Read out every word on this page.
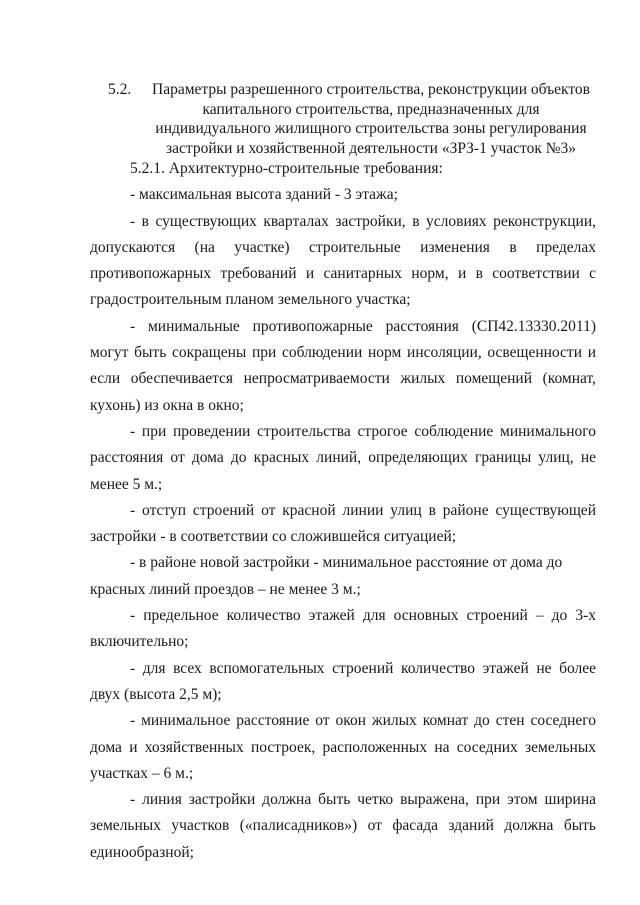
5.2.	Параметры разрешенного строительства, реконструкции объектов капитального строительства, предназначенных для индивидуального жилищного строительства зоны регулирования застройки и хозяйственной деятельности «ЗРЗ-1 участок №3»

5.2.1. Архитектурно-строительные требования:

- максимальная высота зданий - 3 этажа;

- в существующих кварталах застройки, в условиях реконструкции, допускаются (на участке) строительные изменения в пределах противопожарных требований и санитарных норм, и в соответствии с градостроительным планом земельного участка;

- минимальные противопожарные расстояния (СП42.13330.2011) могут быть сокращены при соблюдении норм инсоляции, освещенности и если обеспечивается непросматриваемости жилых помещений (комнат, кухонь) из окна в окно;

- при проведении строительства строгое соблюдение минимального расстояния от дома до красных линий, определяющих границы улиц, не менее 5 м.;

- отступ строений от красной линии улиц в районе существующей застройки - в соответствии со сложившейся ситуацией;

- в районе новой застройки - минимальное расстояние от дома до красных линий проездов – не менее 3 м.;

- предельное количество этажей для основных строений – до 3-х включительно;

- для всех вспомогательных строений количество этажей не более двух (высота 2,5 м);

- минимальное расстояние от окон жилых комнат до стен соседнего дома и хозяйственных построек, расположенных на соседних земельных участках – 6 м.;

- линия застройки должна быть четко выражена, при этом ширина земельных участков («палисадников») от фасада зданий должна быть единообразной;
